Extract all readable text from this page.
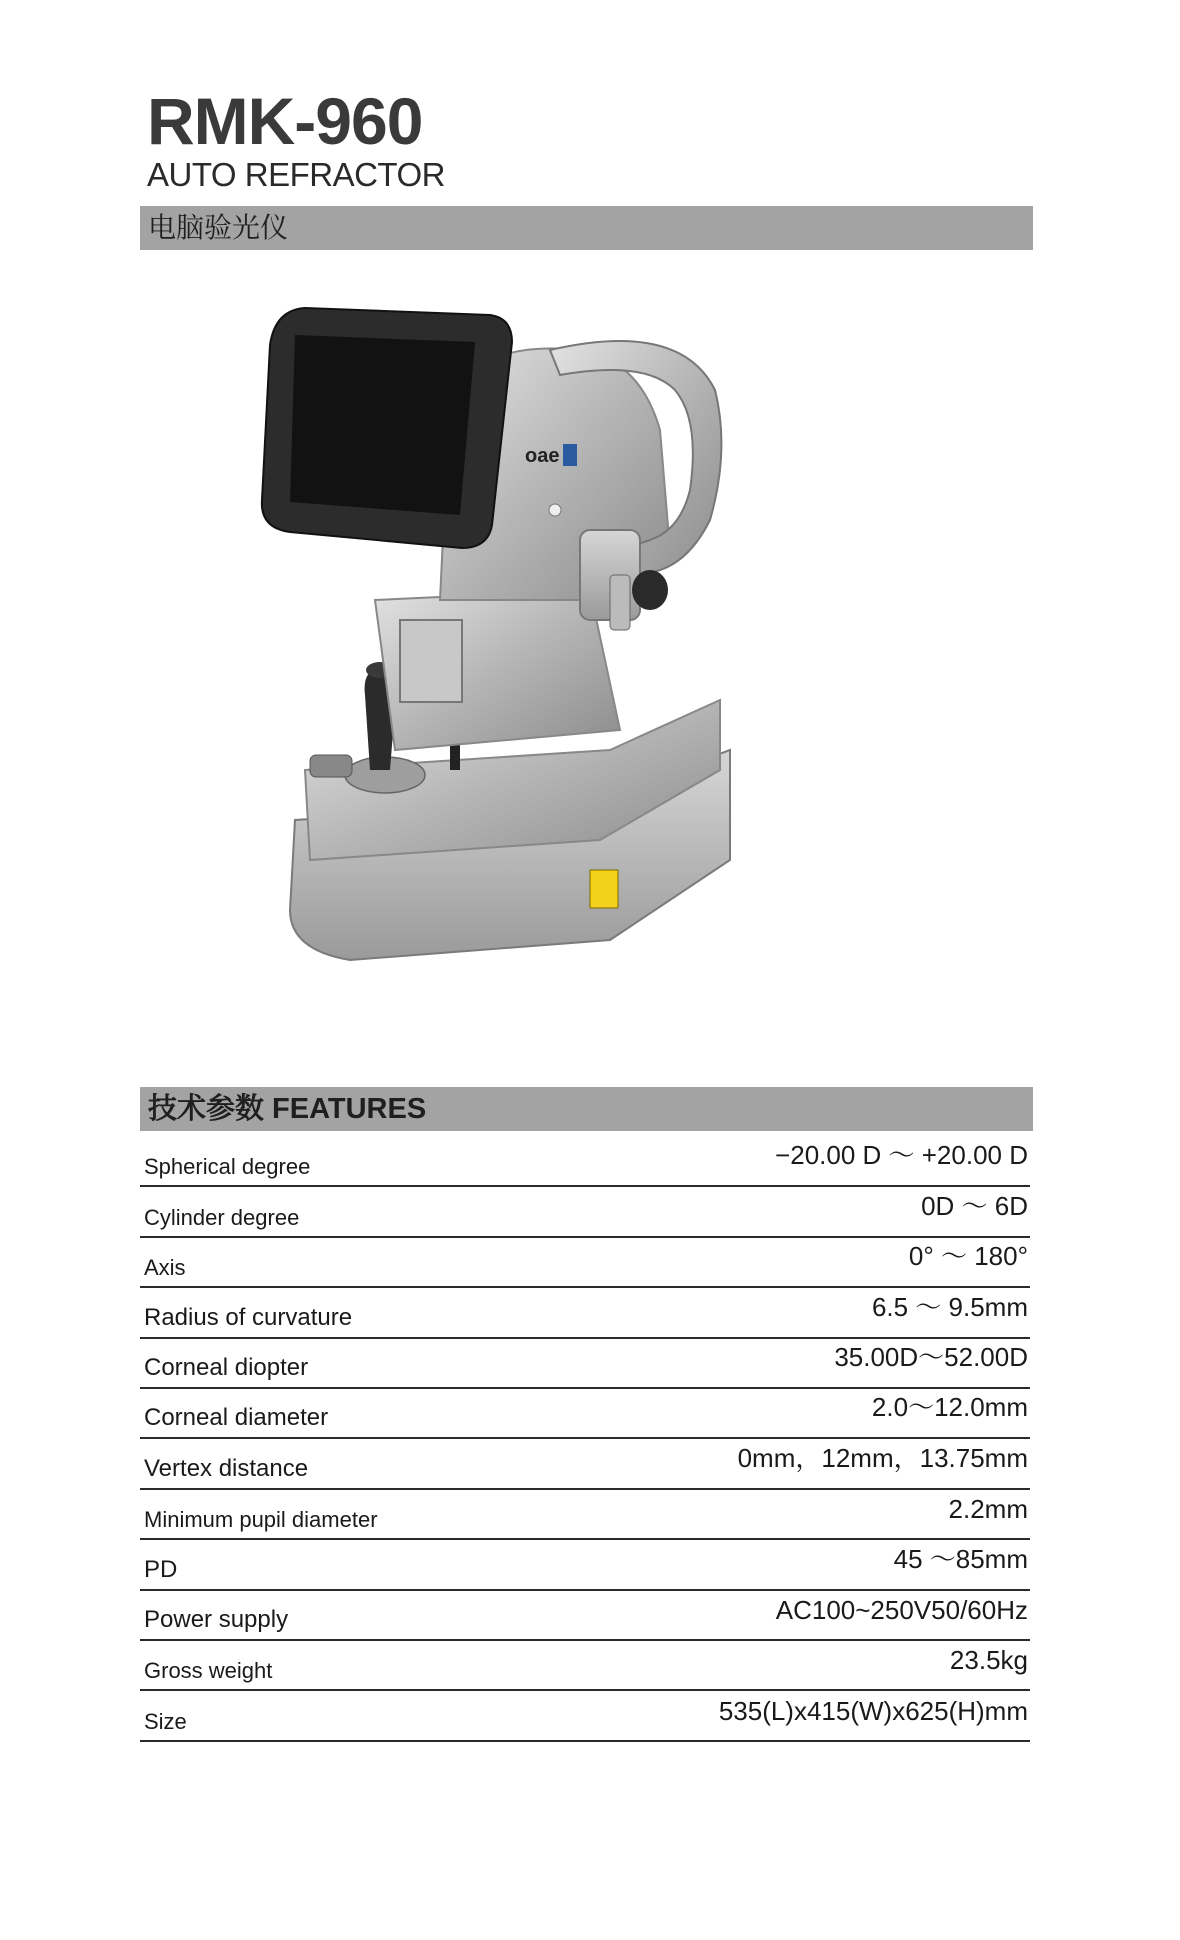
RMK-960
AUTO REFRACTOR
电脑验光仪
oae
技术参数 FEATURES
Spherical degree	−20.00 D ～ +20.00 D
Cylinder degree	0D ～ 6D
Axis	0° ～ 180°
Radius of curvature	6.5 ～ 9.5mm
Corneal diopter	35.00D～52.00D
Corneal diameter	2.0～12.0mm
Vertex distance	0mm，12mm，13.75mm
Minimum pupil diameter	2.2mm
PD	45 ～85mm
Power supply	AC100~250V50/60Hz
Gross weight	23.5kg
Size	535(L)x415(W)x625(H)mm
